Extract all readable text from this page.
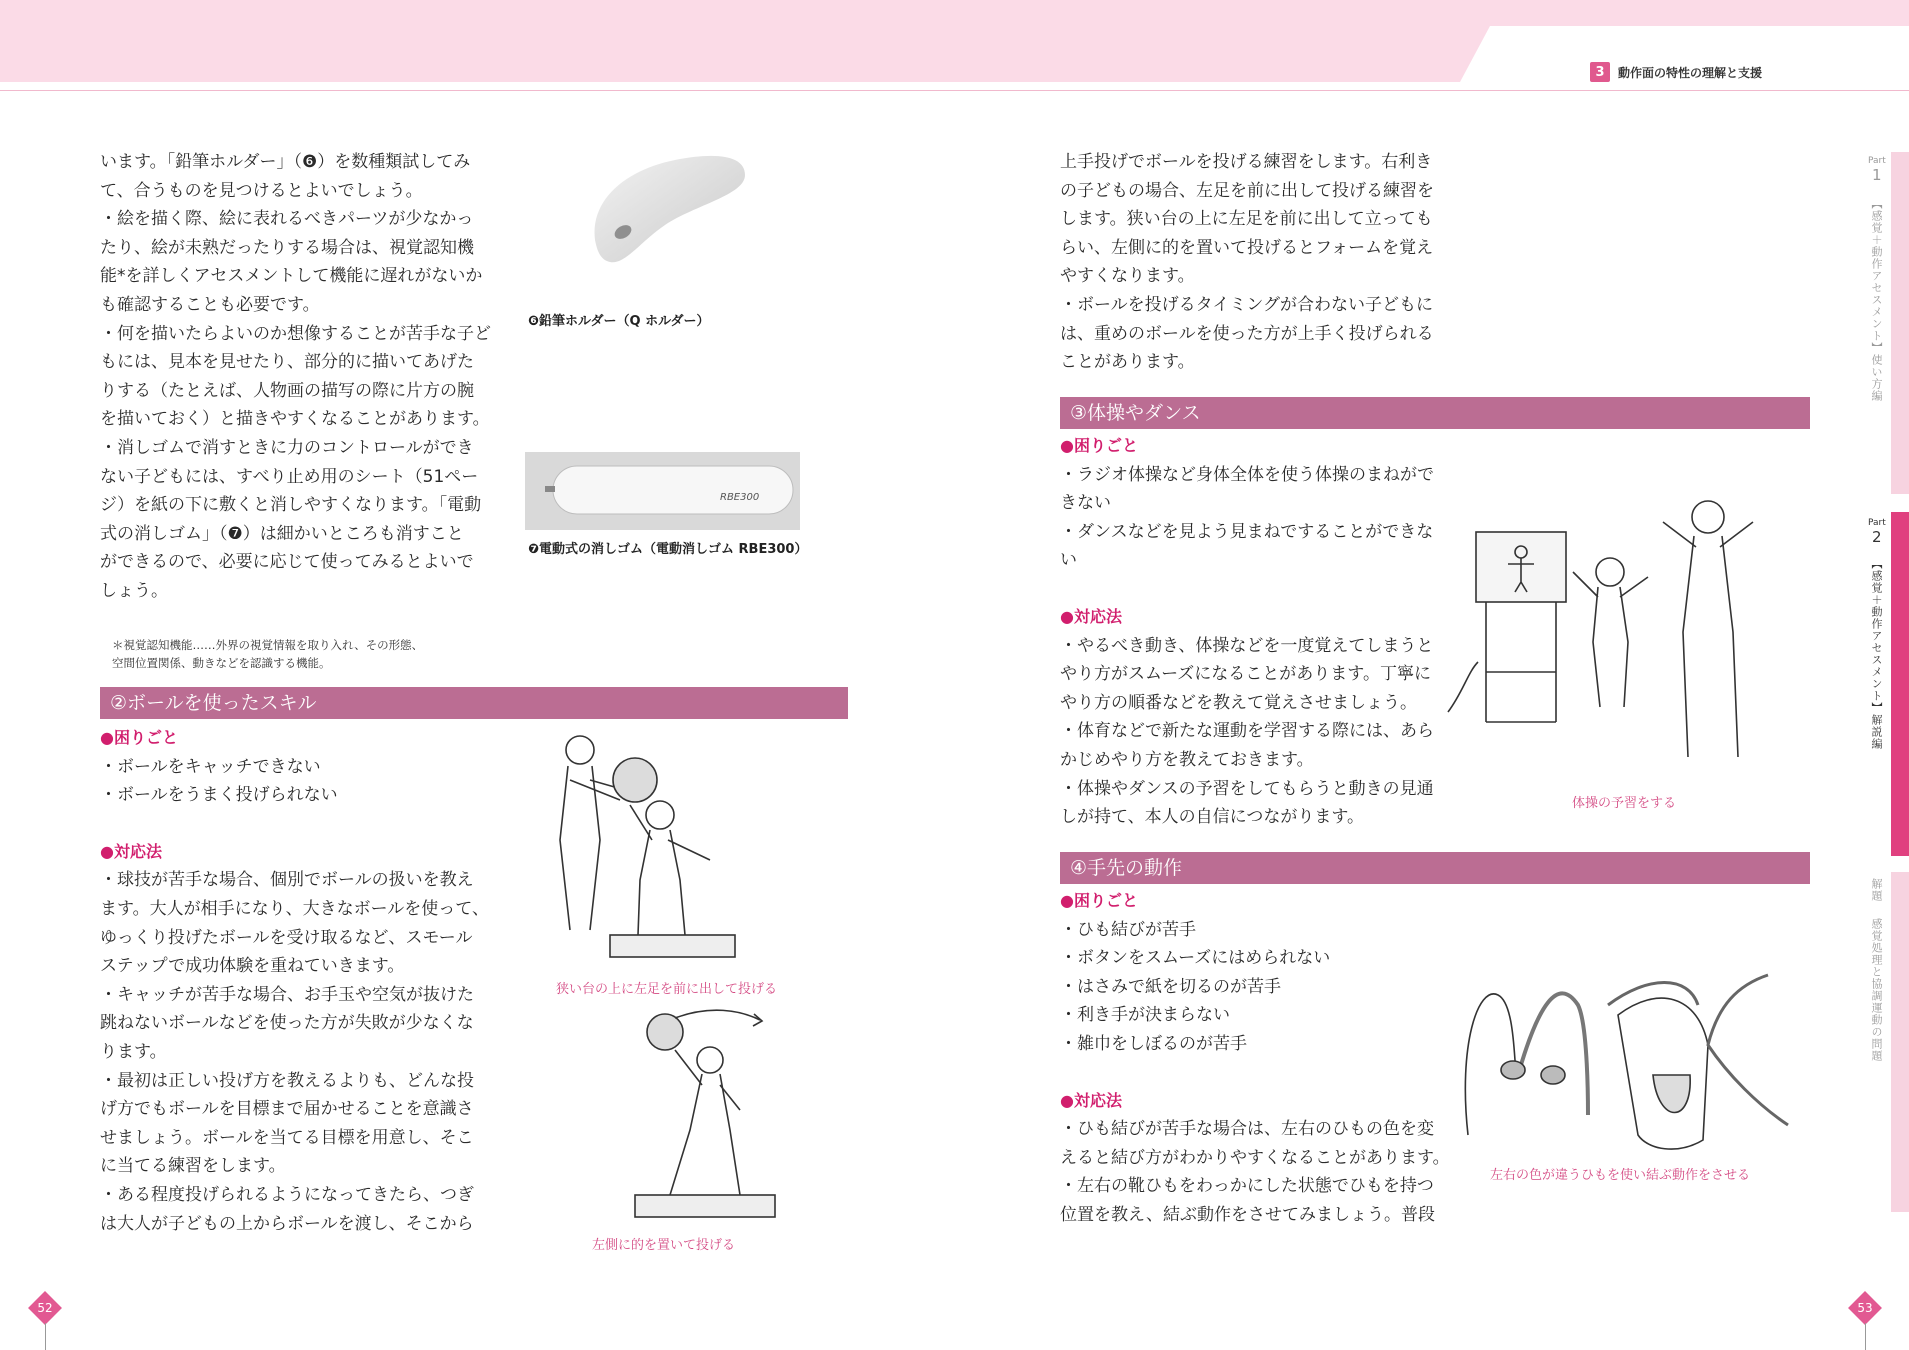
3	動作面の特性の理解と支援

います。「鉛筆ホルダー」（❻）を数種類試してみ

て、合うものを見つけるとよいでしょう。

・絵を描く際、絵に表れるべきパーツが少なかっ

たり、絵が未熟だったりする場合は、視覚認知機

能*を詳しくアセスメントして機能に遅れがないか

も確認することも必要です。

・何を描いたらよいのか想像することが苦手な子ど

もには、見本を見せたり、部分的に描いてあげた

りする（たとえば、人物画の描写の際に片方の腕

を描いておく）と描きやすくなることがあります。

・消しゴムで消すときに力のコントロールができ

ない子どもには、すべり止め用のシート（51ペー

ジ）を紙の下に敷くと消しやすくなります。「電動

式の消しゴム」（❼）は細かいところも消すこと

ができるので、必要に応じて使ってみるとよいで

しょう。

❻鉛筆ホルダー（Q ホルダー）
RBE300
❼電動式の消しゴム（電動消しゴム RBE300）
＊視覚認知機能……外界の視覚情報を取り入れ、その形態、
空間位置関係、動きなどを認識する機能。
②ボールを使ったスキル

●困りごと

・ボールをキャッチできない

・ボールをうまく投げられない

●対応法

・球技が苦手な場合、個別でボールの扱いを教え

ます。大人が相手になり、大きなボールを使って、

ゆっくり投げたボールを受け取るなど、スモール

ステップで成功体験を重ねていきます。

・キャッチが苦手な場合、お手玉や空気が抜けた

跳ねないボールなどを使った方が失敗が少なくな

ります。

・最初は正しい投げ方を教えるよりも、どんな投

げ方でもボールを目標まで届かせることを意識さ

せましょう。ボールを当てる目標を用意し、そこ

に当てる練習をします。

・ある程度投げられるようになってきたら、つぎ

は大人が子どもの上からボールを渡し、そこから

狭い台の上に左足を前に出して投げる
左側に的を置いて投げる
52

上手投げでボールを投げる練習をします。右利き

の子どもの場合、左足を前に出して投げる練習を

します。狭い台の上に左足を前に出して立っても

らい、左側に的を置いて投げるとフォームを覚え

やすくなります。

・ボールを投げるタイミングが合わない子どもに

は、重めのボールを使った方が上手く投げられる

ことがあります。

③体操やダンス

●困りごと

・ラジオ体操など身体全体を使う体操のまねがで

きない

・ダンスなどを見よう見まねですることができな

い

●対応法

・やるべき動き、体操などを一度覚えてしまうと

やり方がスムーズになることがあります。丁寧に

やり方の順番などを教えて覚えさせましょう。

・体育などで新たな運動を学習する際には、あら

かじめやり方を教えておきます。

・体操やダンスの予習をしてもらうと動きの見通

しが持て、本人の自信につながります。

体操の予習をする
④手先の動作

●困りごと

・ひも結びが苦手

・ボタンをスムーズにはめられない

・はさみで紙を切るのが苦手

・利き手が決まらない

・雑巾をしぼるのが苦手

●対応法

・ひも結びが苦手な場合は、左右のひもの色を変

えると結び方がわかりやすくなることがあります。

・左右の靴ひもをわっかにした状態でひもを持つ

位置を教え、結ぶ動作をさせてみましょう。普段

左右の色が違うひもを使い結ぶ動作をさせる
53
Part
1
【感覚＋動作アセスメント】使い方編
Part
2
【感覚＋動作アセスメント】解説編
解題
感覚処理と協調運動の問題
